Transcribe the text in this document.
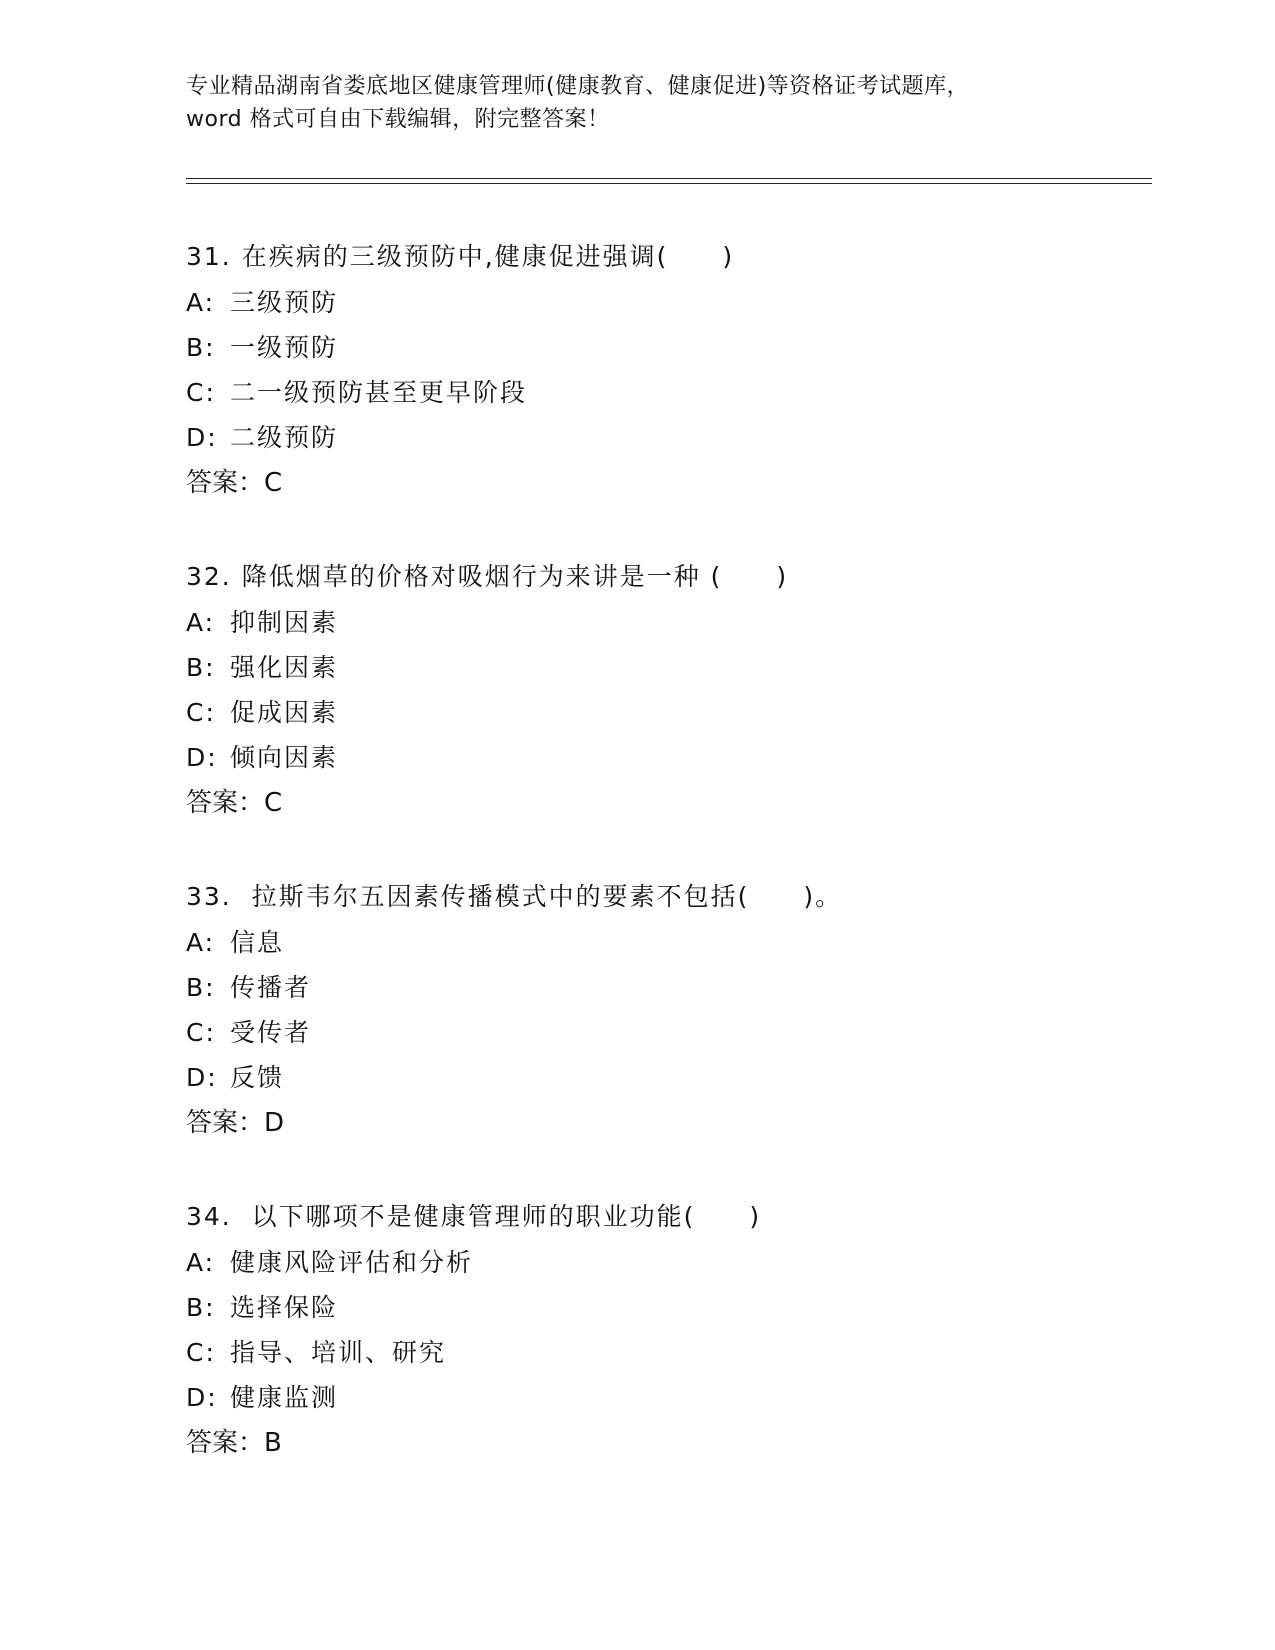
专业精品湖南省娄底地区健康管理师(健康教育、健康促进)等资格证考试题库，
word 格式可自由下载编辑，附完整答案！
31. 在疾病的三级预防中,健康促进强调(　　)
A: 三级预防
B: 一级预防
C: 二一级预防甚至更早阶段
D: 二级预防
答案：C
32. 降低烟草的价格对吸烟行为来讲是一种 (　　)
A: 抑制因素
B: 强化因素
C: 促成因素
D: 倾向因素
答案：C
33.  拉斯韦尔五因素传播模式中的要素不包括(　　)。
A: 信息
B: 传播者
C: 受传者
D: 反馈
答案：D
34.  以下哪项不是健康管理师的职业功能(　　)
A: 健康风险评估和分析
B: 选择保险
C: 指导、培训、研究
D: 健康监测
答案：B
